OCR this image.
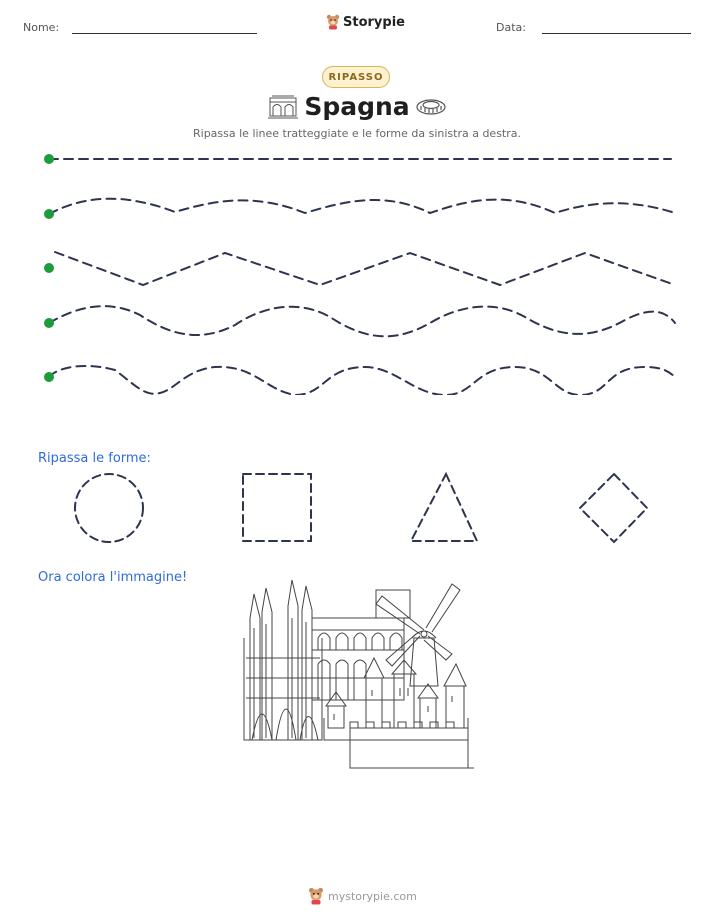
Nome:	Storypie	Data:
RIPASSO
Spagna
Ripassa le linee tratteggiate e le forme da sinistra a destra.
Ripassa le forme:
Ora colora l'immagine!
mystorypie.com
